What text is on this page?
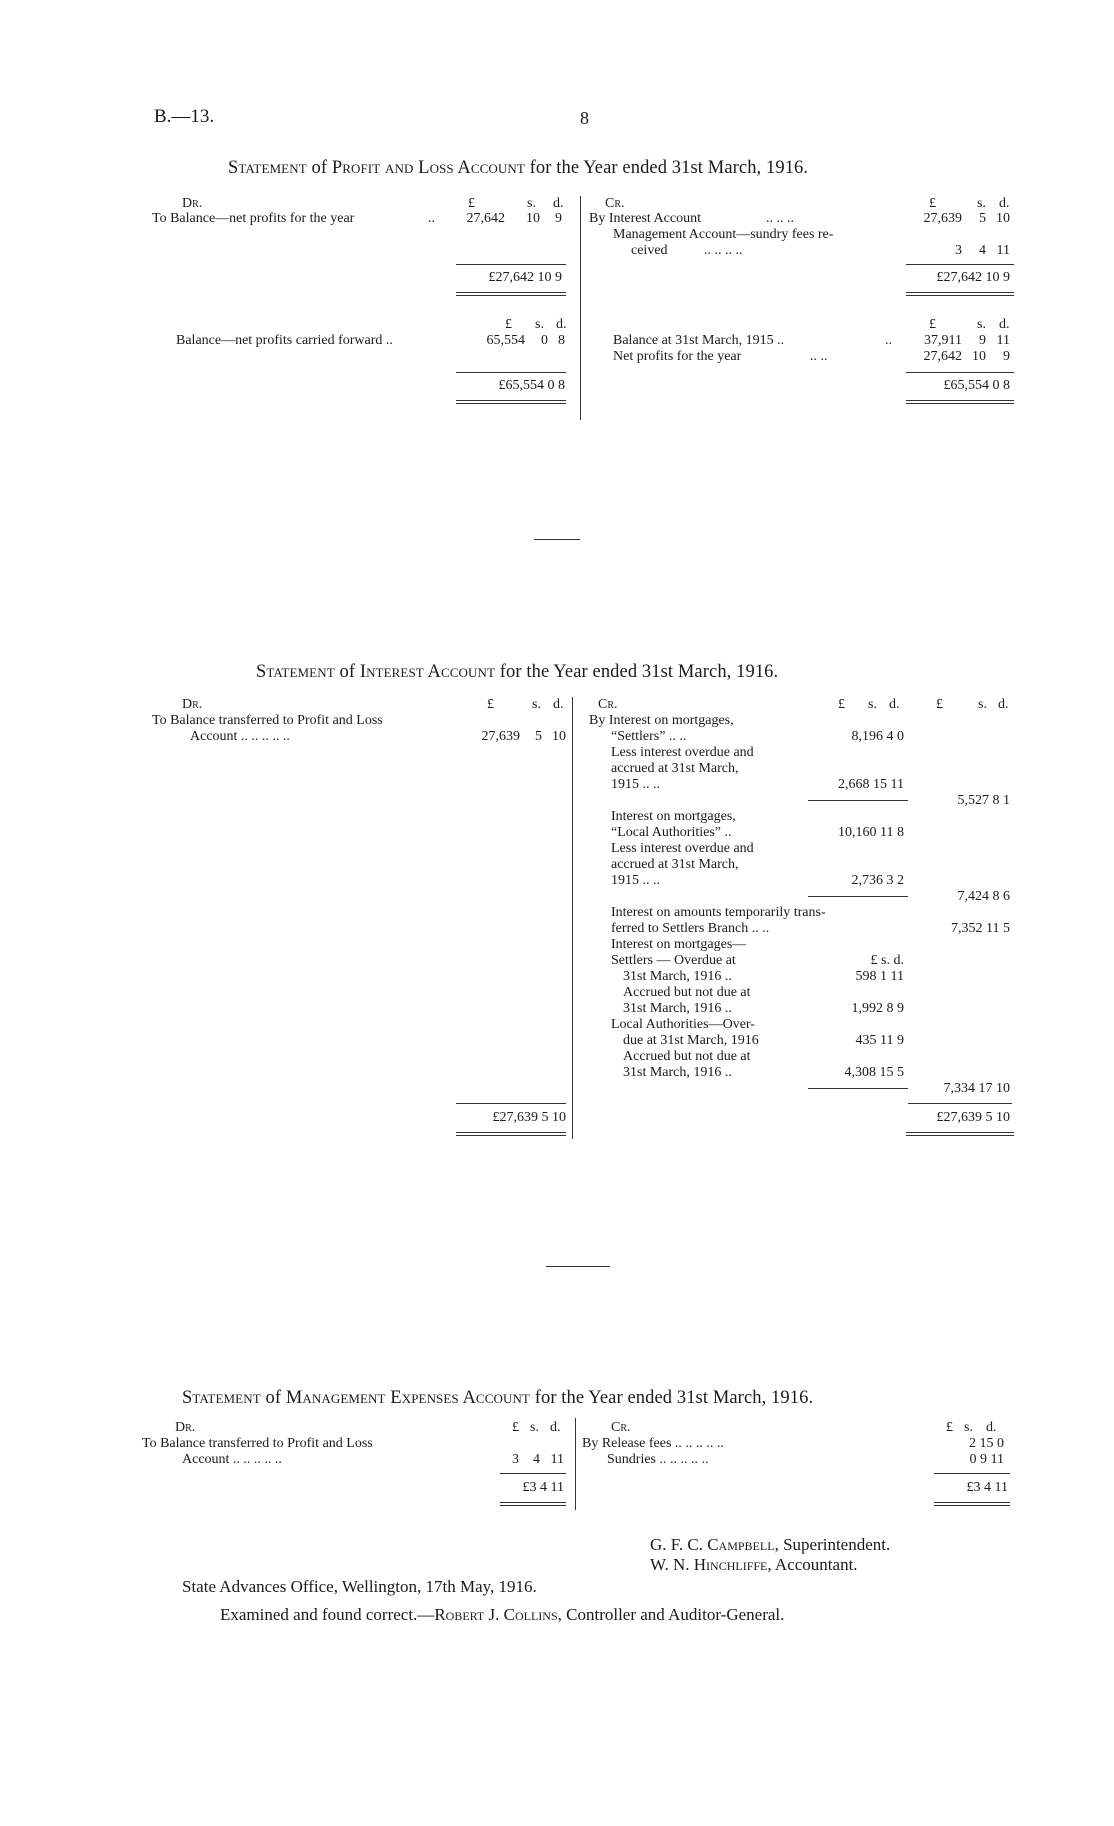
B.—13.	8
Statement of Profit and Loss Account for the Year ended 31st March, 1916.
Dr.	£	s. d.	Cr.	£	s. d.
To Balance—net profits for the year	..	27,642	10	9 By Interest Account	.. .. ..	27,639	5 10
Management Account—sundry fees re-
ceived	.. .. .. ..	3	4 11
£27,642 10 9	£27,642 10 9
£ s. d.	£	s. d.
Balance—net profits carried forward ..	65,554	0 8	Balance at 31st March, 1915 ..	..	37,911	9 11
Net profits for the year	.. ..	27,642 10	9
£65,554 0 8	£65,554 0 8
Statement of Interest Account for the Year ended 31st March, 1916.
Dr.	£	s. d. Cr.	£ s. d.	£	s. d.
To Balance transferred to Profit and Loss
Account .. .. .. .. ..	27,639	5 10
By Interest on mortgages,
“Settlers” .. ..	8,196 4 0
Less interest overdue and
accrued at 31st March,
1915 .. ..	2,668 15 11
5,527 8 1
Interest on mortgages,
“Local Authorities” ..	10,160 11 8
Less interest overdue and
accrued at 31st March,
1915 .. ..	2,736 3 2
7,424 8 6
Interest on amounts temporarily trans-
ferred to Settlers Branch .. ..	7,352 11 5
Interest on mortgages—
Settlers — Overdue at	£ s. d.
31st March, 1916 ..	598 1 11
Accrued but not due at
31st March, 1916 ..	1,992 8 9
Local Authorities—Over-
due at 31st March, 1916	435 11 9
Accrued but not due at
31st March, 1916 ..	4,308 15 5
7,334 17 10
£27,639 5 10	£27,639 5 10
Statement of Management Expenses Account for the Year ended 31st March, 1916.
Dr.	£ s. d.	Cr.	£ s. d.
To Balance transferred to Profit and Loss
Account .. .. .. .. ..	3	4 11
By Release fees .. .. .. .. ..	2 15 0
Sundries .. .. .. .. ..	0 9 11
£3 4 11	£3 4 11
G. F. C. Campbell, Superintendent.
W. N. Hinchliffe, Accountant.
State Advances Office, Wellington, 17th May, 1916.
Examined and found correct.—Robert J. Collins, Controller and Auditor-General.
